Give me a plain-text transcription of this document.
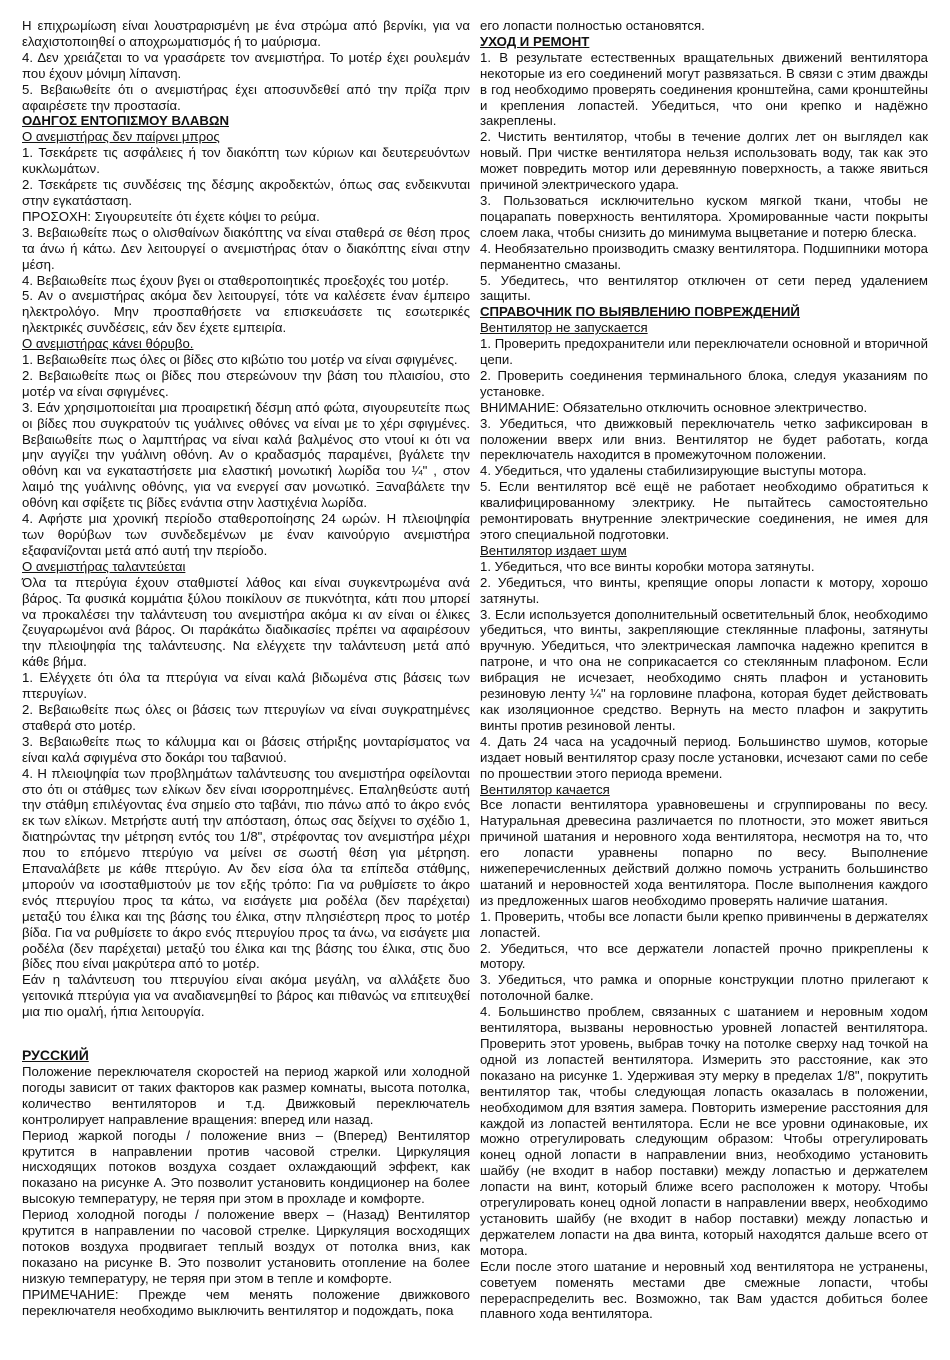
Η επιχρωμίωση είναι λουστραρισμένη με ένα στρώμα από βερνίκι, για να ελαχιστοποιηθεί ο αποχρωματισμός ή το μαύρισμα.

4. Δεν χρειάζεται το να γρασάρετε τον ανεμιστήρα. Το μοτέρ έχει ρουλεμάν που έχουν μόνιμη λίπανση.

5. Βεβαιωθείτε ότι ο ανεμιστήρας έχει αποσυνδεθεί από την πρίζα πριν αφαιρέσετε την προστασία.

ΟΔΗΓΟΣ ΕΝΤΟΠΙΣΜΟΥ ΒΛΑΒΩΝ

Ο ανεμιστήρας δεν παίρνει μπρος

1. Τσεκάρετε τις ασφάλειες ή τον διακόπτη των κύριων και δευτερευόντων κυκλωμάτων.

2. Τσεκάρετε τις συνδέσεις της δέσμης ακροδεκτών, όπως σας ενδεικνυται στην εγκατάσταση.

ΠΡΟΣΟΧΗ: Σιγουρευτείτε ότι έχετε κόψει το ρεύμα.

3. Βεβαιωθείτε πως ο ολισθαίνων διακόπτης να είναι σταθερά σε θέση προς τα άνω ή κάτω. Δεν λειτουργεί ο ανεμιστήρας όταν ο διακόπτης είναι στην μέση.

4. Βεβαιωθείτε πως έχουν βγει οι σταθεροποιητικές προεξοχές του μοτέρ.

5. Αν ο ανεμιστήρας ακόμα δεν λειτουργεί, τότε να καλέσετε έναν έμπειρο ηλεκτρολόγο. Μην προσπαθήσετε να επισκευάσετε τις εσωτερικές ηλεκτρικές συνδέσεις, εάν δεν έχετε εμπειρία.

Ο ανεμιστήρας κάνει θόρυβο.

1. Βεβαιωθείτε πως όλες οι βίδες στο κιβώτιο του μοτέρ να είναι σφιγμένες.

2. Βεβαιωθείτε πως οι βίδες που στερεώνουν την βάση του πλαισίου, στο μοτέρ να είναι σφιγμένες.

3. Εάν χρησιμοποιείται μια προαιρετική δέσμη από φώτα, σιγουρευτείτε πως οι βίδες που συγκρατούν τις γυάλινες οθόνες να είναι με το χέρι σφιγμένες. Βεβαιωθείτε πως ο λαμπτήρας να είναι καλά βαλμένος στο ντουί κι ότι να μην αγγίζει την γυάλινη οθόνη. Αν ο κραδασμός παραμένει, βγάλετε την οθόνη και να εγκαταστήσετε μια ελαστική μονωτική λωρίδα του ¼" , στον λαιμό της γυάλινης οθόνης, για να ενεργεί σαν μονωτικό. Ξαναβάλετε την οθόνη και σφίξετε τις βίδες ενάντια στην λαστιχένια λωρίδα.

4. Αφήστε μια χρονική περίοδο σταθεροποίησης 24 ωρών. Η πλειοψηφία των θορύβων των συνδεδεμένων με έναν καινούργιο ανεμιστήρα εξαφανίζονται μετά από αυτή την περίοδο.

Ο ανεμιστήρας ταλαντεύεται

Όλα τα πτερύγια έχουν σταθμιστεί λάθος και είναι συγκεντρωμένα ανά βάρος. Τα φυσικά κομμάτια ξύλου ποικίλουν σε πυκνότητα, κάτι που μπορεί να προκαλέσει την ταλάντευση του ανεμιστήρα ακόμα κι αν είναι οι έλικες ζευγαρωμένοι ανά βάρος. Οι παράκάτω διαδικασίες πρέπει να αφαιρέσουν την πλειοψηφία της ταλάντευσης. Να ελέγχετε την ταλάντευση μετά από κάθε βήμα.

1. Ελέγχετε ότι όλα τα πτερύγια να είναι καλά βιδωμένα στις βάσεις των πτερυγίων.

2. Βεβαιωθείτε πως όλες οι βάσεις των πτερυγίων να είναι συγκρατημένες σταθερά στο μοτέρ.

3. Βεβαιωθείτε πως το κάλυμμα και οι βάσεις στήριξης μονταρίσματος να είναι καλά σφιγμένα στο δοκάρι του ταβανιού.

4. Η πλειοψηφία των προβλημάτων ταλάντευσης του ανεμιστήρα οφείλονται στο ότι οι στάθμες των ελίκων δεν είναι ισορροπημένες. Επαληθεύστε αυτή την στάθμη επιλέγοντας ένα σημείο στο ταβάνι, πιο πάνω από το άκρο ενός εκ των ελίκων. Μετρήστε αυτή την απόσταση, όπως σας δείχνει το σχέδιο 1, διατηρώντας την μέτρηση εντός του 1/8", στρέφοντας τον ανεμιστήρα μέχρι που το επόμενο πτερύγιο να μείνει σε σωστή θέση για μέτρηση. Επαναλάβετε με κάθε πτερύγιο. Αν δεν είσα όλα τα επίπεδα στάθμης, μπορούν να ισοσταθμιστούν με τον εξής τρόπο: Για να ρυθμίσετε το άκρο ενός πτερυγίου προς τα κάτω, να εισάγετε μια ροδέλα (δεν παρέχεται) μεταξύ του έλικα και της βάσης του έλικα, στην πλησιέστερη προς το μοτέρ βίδα. Για να ρυθμίσετε το άκρο ενός πτερυγίου προς τα άνω, να εισάγετε μια ροδέλα (δεν παρέχεται) μεταξύ του έλικα και της βάσης του έλικα, στις δυο βίδες που είναι μακρύτερα από το μοτέρ.

Εάν η ταλάντευση του πτερυγίου είναι ακόμα μεγάλη, να αλλάξετε δυο γειτονικά πτερύγια για να αναδιανεμηθεί το βάρος και πιθανώς να επιτευχθεί μια πιο ομαλή, ήπια λειτουργία.

РУССКИЙ

Положение переключателя скоростей на период жаркой или холодной погоды зависит от таких факторов как размер комнаты, высота потолка, количество вентиляторов и т.д. Движковый переключатель контролирует направление вращения: вперед или назад.

Период жаркой погоды / положение вниз – (Вперед) Вентилятор крутится в направлении против часовой стрелки. Циркуляция нисходящих потоков воздуха создает охлаждающий эффект, как показано на рисунке А. Это позволит установить кондиционер на более высокую температуру, не теряя при этом в прохладе и комфорте.

Период холодной погоды / положение вверх – (Назад) Вентилятор крутится в направлении по часовой стрелке. Циркуляция восходящих потоков воздуха продвигает теплый воздух от потолка вниз, как показано на рисунке В. Это позволит установить отопление на более низкую температуру, не теряя при этом в тепле и комфорте.

ПРИМЕЧАНИЕ: Прежде чем менять положение движкового переключателя необходимо выключить вентилятор и подождать, пока

его лопасти полностью остановятся.

УХОД И РЕМОНТ

1. В результате естественных вращательных движений вентилятора некоторые из его соединений могут развязаться. В связи с этим дважды в год необходимо проверять соединения кронштейна, сами кронштейны и крепления лопастей. Убедиться, что они крепко и надёжно закреплены.

2. Чистить вентилятор, чтобы в течение долгих лет он выглядел как новый. При чистке вентилятора нельзя использовать воду, так как это может повредить мотор или деревянную поверхность, а также явиться причиной электрического удара.

3. Пользоваться исключительно куском мягкой ткани, чтобы не поцарапать поверхность вентилятора. Хромированные части покрыты слоем лака, чтобы снизить до минимума выцветание и потерю блеска.

4. Необязательно производить смазку вентилятора. Подшипники мотора перманентно смазаны.

5. Убедитесь, что вентилятор отключен от сети перед удалением защиты.

СПРАВОЧНИК ПО ВЫЯВЛЕНИЮ ПОВРЕЖДЕНИЙ

Вентилятор не запускается

1. Проверить предохранители или переключатели основной и вторичной цепи.

2. Проверить соединения терминального блока, следуя указаниям по установке.

ВНИМАНИЕ: Обязательно отключить основное электричество.

3. Убедиться, что движковый переключатель четко зафиксирован в положении вверх или вниз. Вентилятор не будет работать, когда переключатель находится в промежуточном положении.

4. Убедиться, что удалены стабилизирующие выступы мотора.

5. Если вентилятор всё ещё не работает необходимо обратиться к квалифицированному электрику. Не пытайтесь самостоятельно ремонтировать внутренние электрические соединения, не имея для этого специальной подготовки.

Вентилятор издает шум

1. Убедиться, что все винты коробки мотора затянуты.

2. Убедиться, что винты, крепящие опоры лопасти к мотору, хорошо затянуты.

3. Если используется дополнительный осветительный блок, необходимо убедиться, что винты, закрепляющие стеклянные плафоны, затянуты вручную. Убедиться, что электрическая лампочка надежно крепится в патроне, и что она не соприкасается со стеклянным плафоном. Если вибрация не исчезает, необходимо снять плафон и установить резиновую ленту ¼" на горловине плафона, которая будет действовать как изоляционное средство. Вернуть на место плафон и закрутить винты против резиновой ленты.

4. Дать 24 часа на усадочный период. Большинство шумов, которые издает новый вентилятор сразу после установки, исчезают сами по себе по прошествии этого периода времени.

Вентилятор качается

Все лопасти вентилятора уравновешены и сгруппированы по весу. Натуральная древесина различается по плотности, это может явиться причиной шатания и неровного хода вентилятора, несмотря на то, что его лопасти уравнены попарно по весу. Выполнение нижеперечисленных действий должно помочь устранить большинство шатаний и неровностей хода вентилятора. После выполнения каждого из предложенных шагов необходимо проверять наличие шатания.

1. Проверить, чтобы все лопасти были крепко привинчены в держателях лопастей.

2. Убедиться, что все держатели лопастей прочно прикреплены к мотору.

3. Убедиться, что рамка и опорные конструкции плотно прилегают к потолочной балке.

4. Большинство проблем, связанных с шатанием и неровным ходом вентилятора, вызваны неровностью уровней лопастей вентилятора. Проверить этот уровень, выбрав точку на потолке сверху над точкой на одной из лопастей вентилятора. Измерить это расстояние, как это показано на рисунке 1. Удерживая эту мерку в пределах 1/8", покрутить вентилятор так, чтобы следующая лопасть оказалась в положении, необходимом для взятия замера. Повторить измерение расстояния для каждой из лопастей вентилятора. Если не все уровни одинаковые, их можно отрегулировать следующим образом: Чтобы отрегулировать конец одной лопасти в направлении вниз, необходимо установить шайбу (не входит в набор поставки) между лопастью и держателем лопасти на винт, который ближе всего расположен к мотору. Чтобы отрегулировать конец одной лопасти в направлении вверх, необходимо установить шайбу (не входит в набор поставки) между лопастью и держателем лопасти на два винта, который находятся дальше всего от мотора.

Если после этого шатание и неровный ход вентилятора не устранены, советуем поменять местами две смежные лопасти, чтобы перераспределить вес. Возможно, так Вам удастся добиться более плавного хода вентилятора.
